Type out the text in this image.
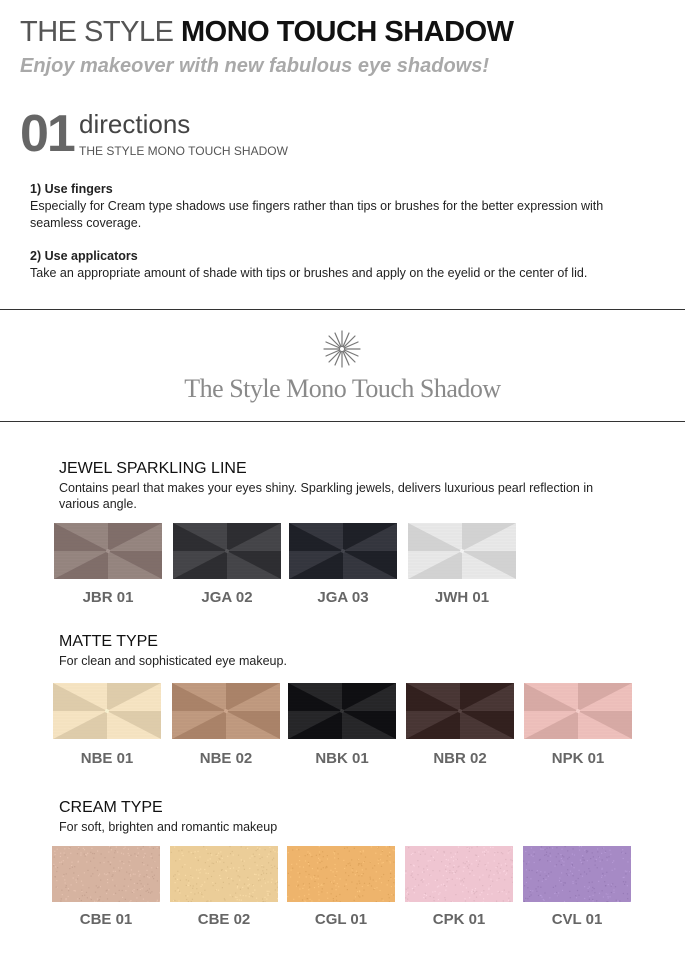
THE STYLE MONO TOUCH SHADOW
Enjoy makeover with new fabulous eye shadows!
01 directions
THE STYLE MONO TOUCH SHADOW
1) Use fingers
Especially for Cream type shadows use fingers rather than tips or brushes for the better expression with seamless coverage.
2) Use applicators
Take an appropriate amount of shade with tips or brushes and apply on the eyelid or the center of lid.
The Style Mono Touch Shadow
JEWEL SPARKLING LINE
Contains pearl that makes your eyes shiny. Sparkling jewels, delivers luxurious pearl reflection in various angle.
MATTE TYPE
For clean and sophisticated eye makeup.
CREAM TYPE
For soft, brighten and romantic makeup
JBR 01	JGA 02	JGA 03	JWH 01
NBE 01	NBE 02	NBK 01	NBR 02	NPK 01
CBE 01	CBE 02	CGL 01	CPK 01	CVL 01
